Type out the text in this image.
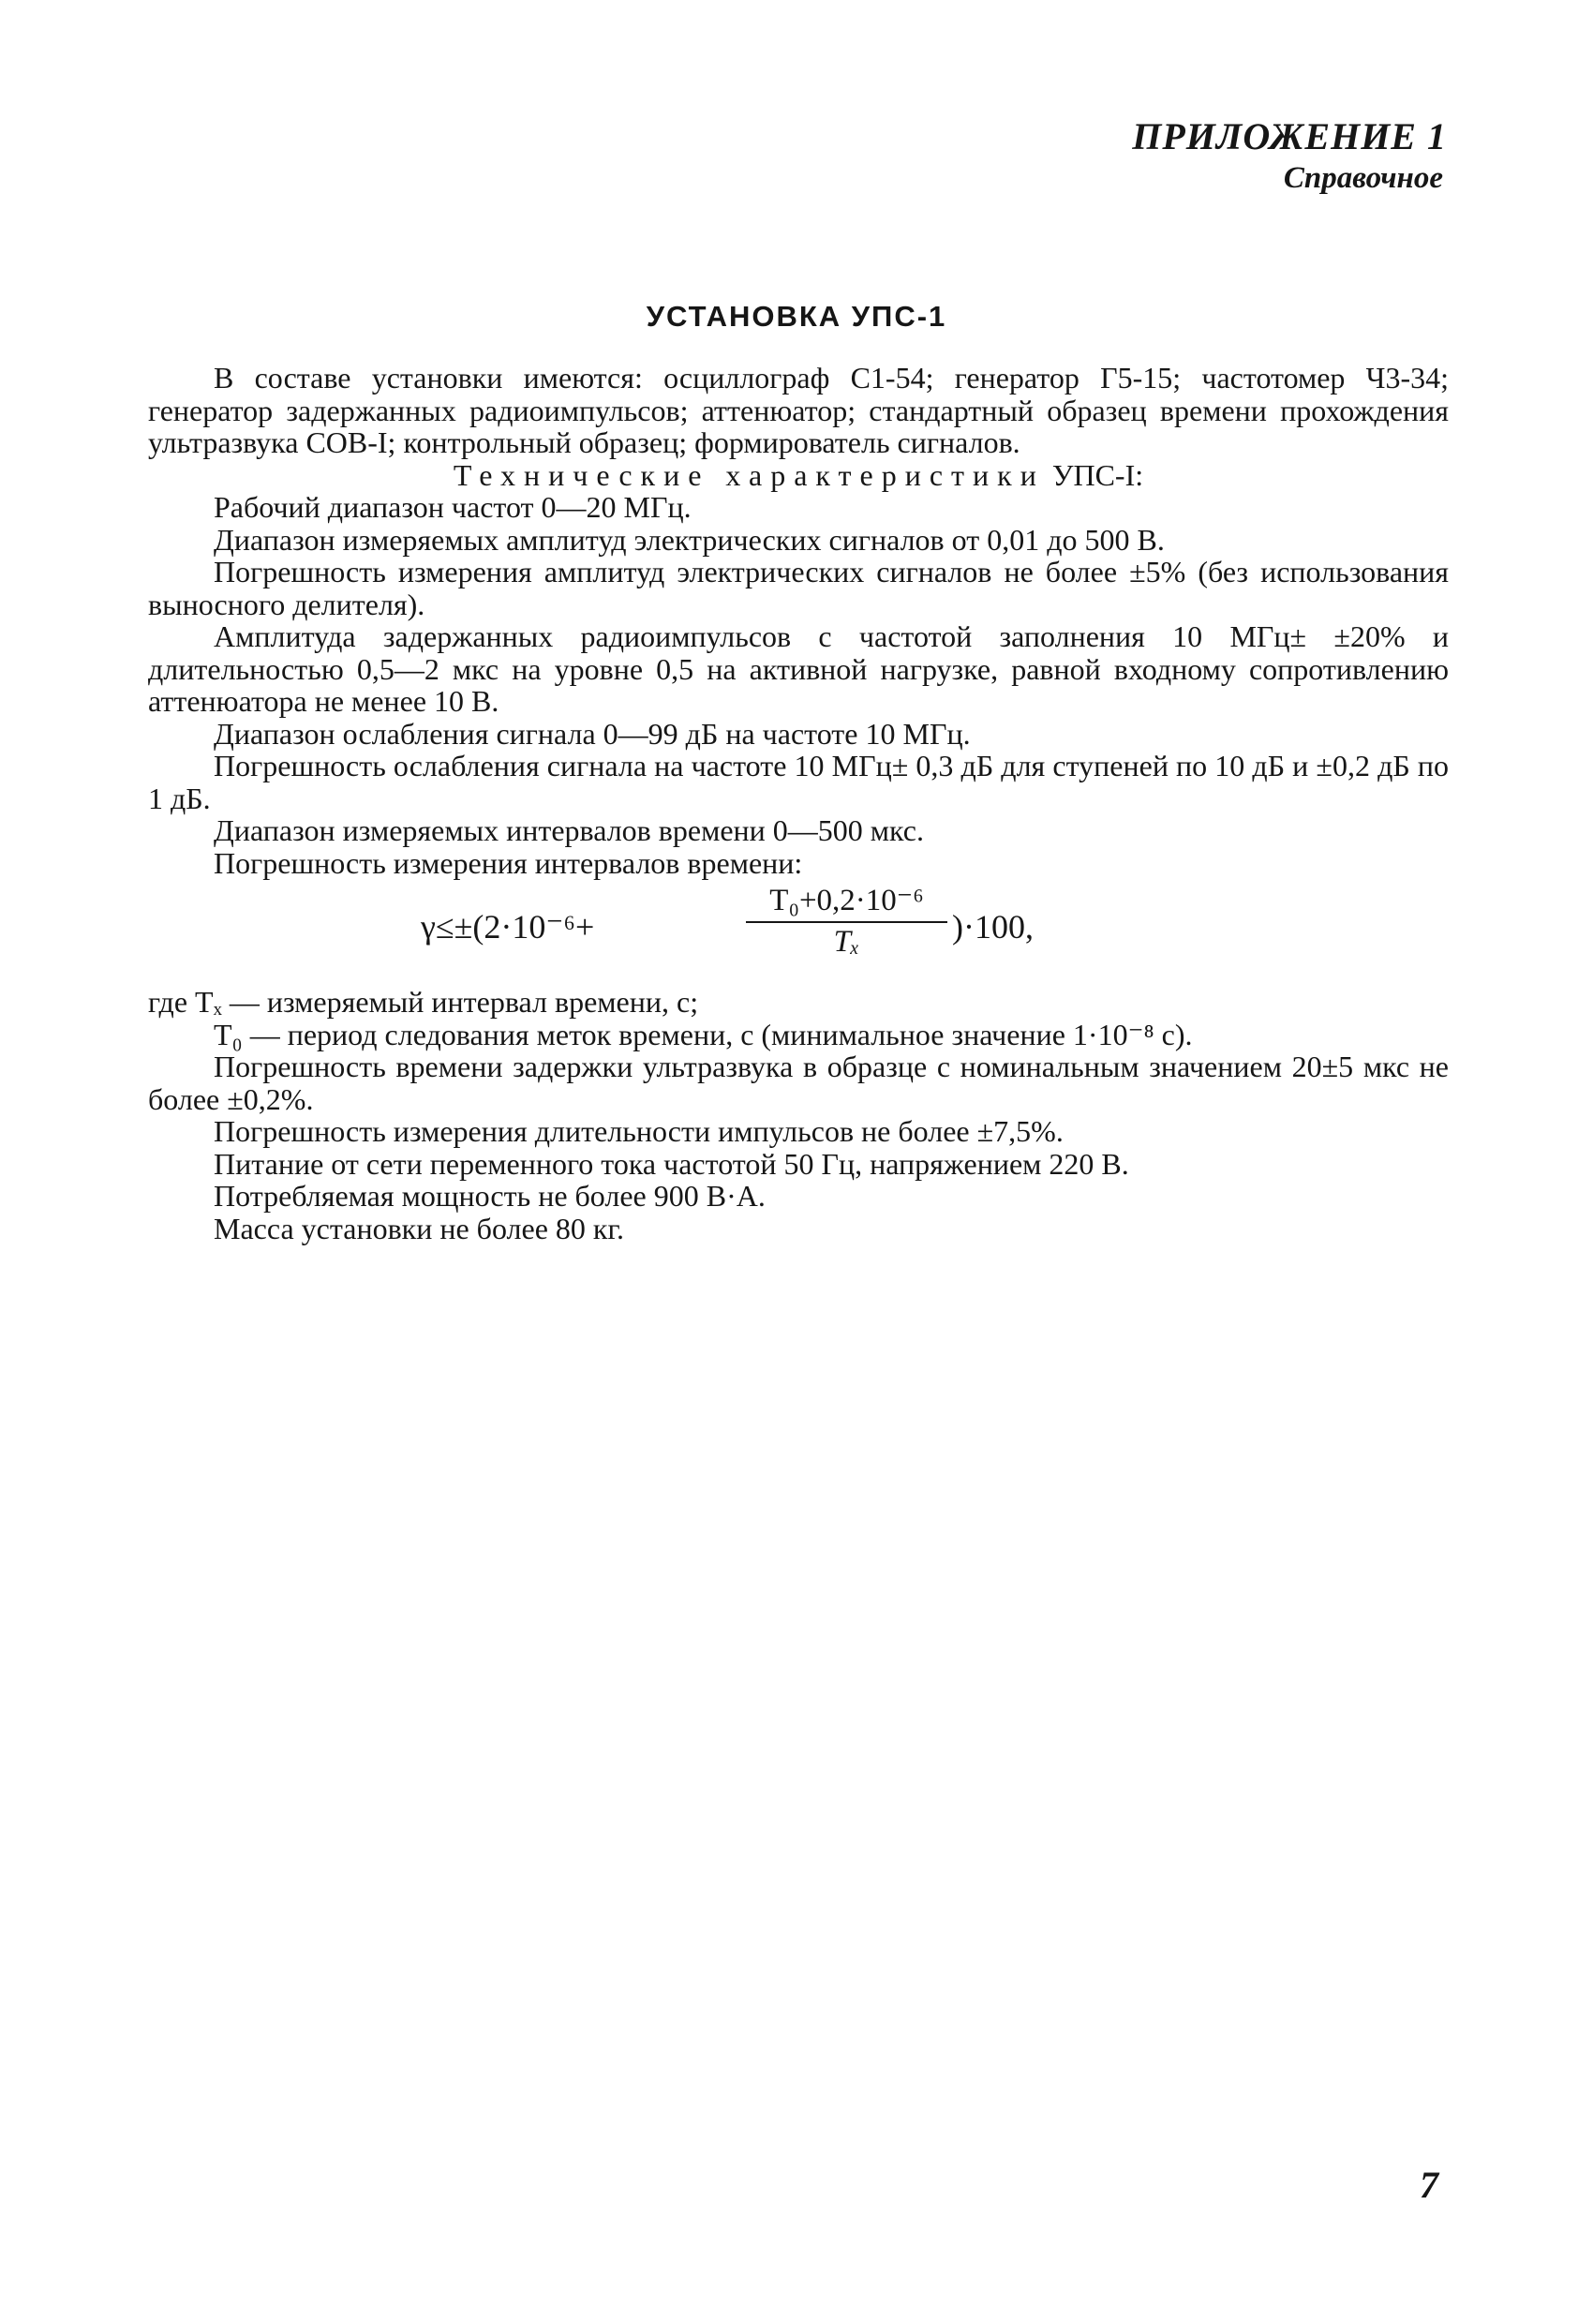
ПРИЛОЖЕНИЕ 1
Справочное
УСТАНОВКА УПС-1

В составе установки имеются: осциллограф С1-54; генератор Г5-15; частотомер Ч3-34; генератор задержанных радиоимпульсов; аттенюатор; стандартный образец времени прохождения ультразвука СОВ-I; контрольный образец; формирователь сигналов.

Технические характеристики УПС-I:

Рабочий диапазон частот 0—20 МГц.

Диапазон измеряемых амплитуд электрических сигналов от 0,01 до 500 В.

Погрешность измерения амплитуд электрических сигналов не более ±5% (без использования выносного делителя).

Амплитуда задержанных радиоимпульсов с частотой заполнения 10 МГц± ±20% и длительностью 0,5—2 мкс на уровне 0,5 на активной нагрузке, равной входному сопротивлению аттенюатора не менее 10 В.

Диапазон ослабления сигнала 0—99 дБ на частоте 10 МГц.

Погрешность ослабления сигнала на частоте 10 МГц± 0,3 дБ для ступеней по 10 дБ и ±0,2 дБ по 1 дБ.

Диапазон измеряемых интервалов времени 0—500 мкс.

Погрешность измерения интервалов времени:

γ≤±(2·10⁻⁶+
T₀+0,2·10⁻⁶
Tₓ	)·100,

где Tₓ — измеряемый интервал времени, с;

T₀ — период следования меток времени, с (минимальное значение 1·10⁻⁸ с).

Погрешность времени задержки ультразвука в образце с номинальным значением 20±5 мкс не более ±0,2%.

Погрешность измерения длительности импульсов не более ±7,5%.

Питание от сети переменного тока частотой 50 Гц, напряжением 220 В.

Потребляемая мощность не более 900 В·А.

Масса установки не более 80 кг.

7
